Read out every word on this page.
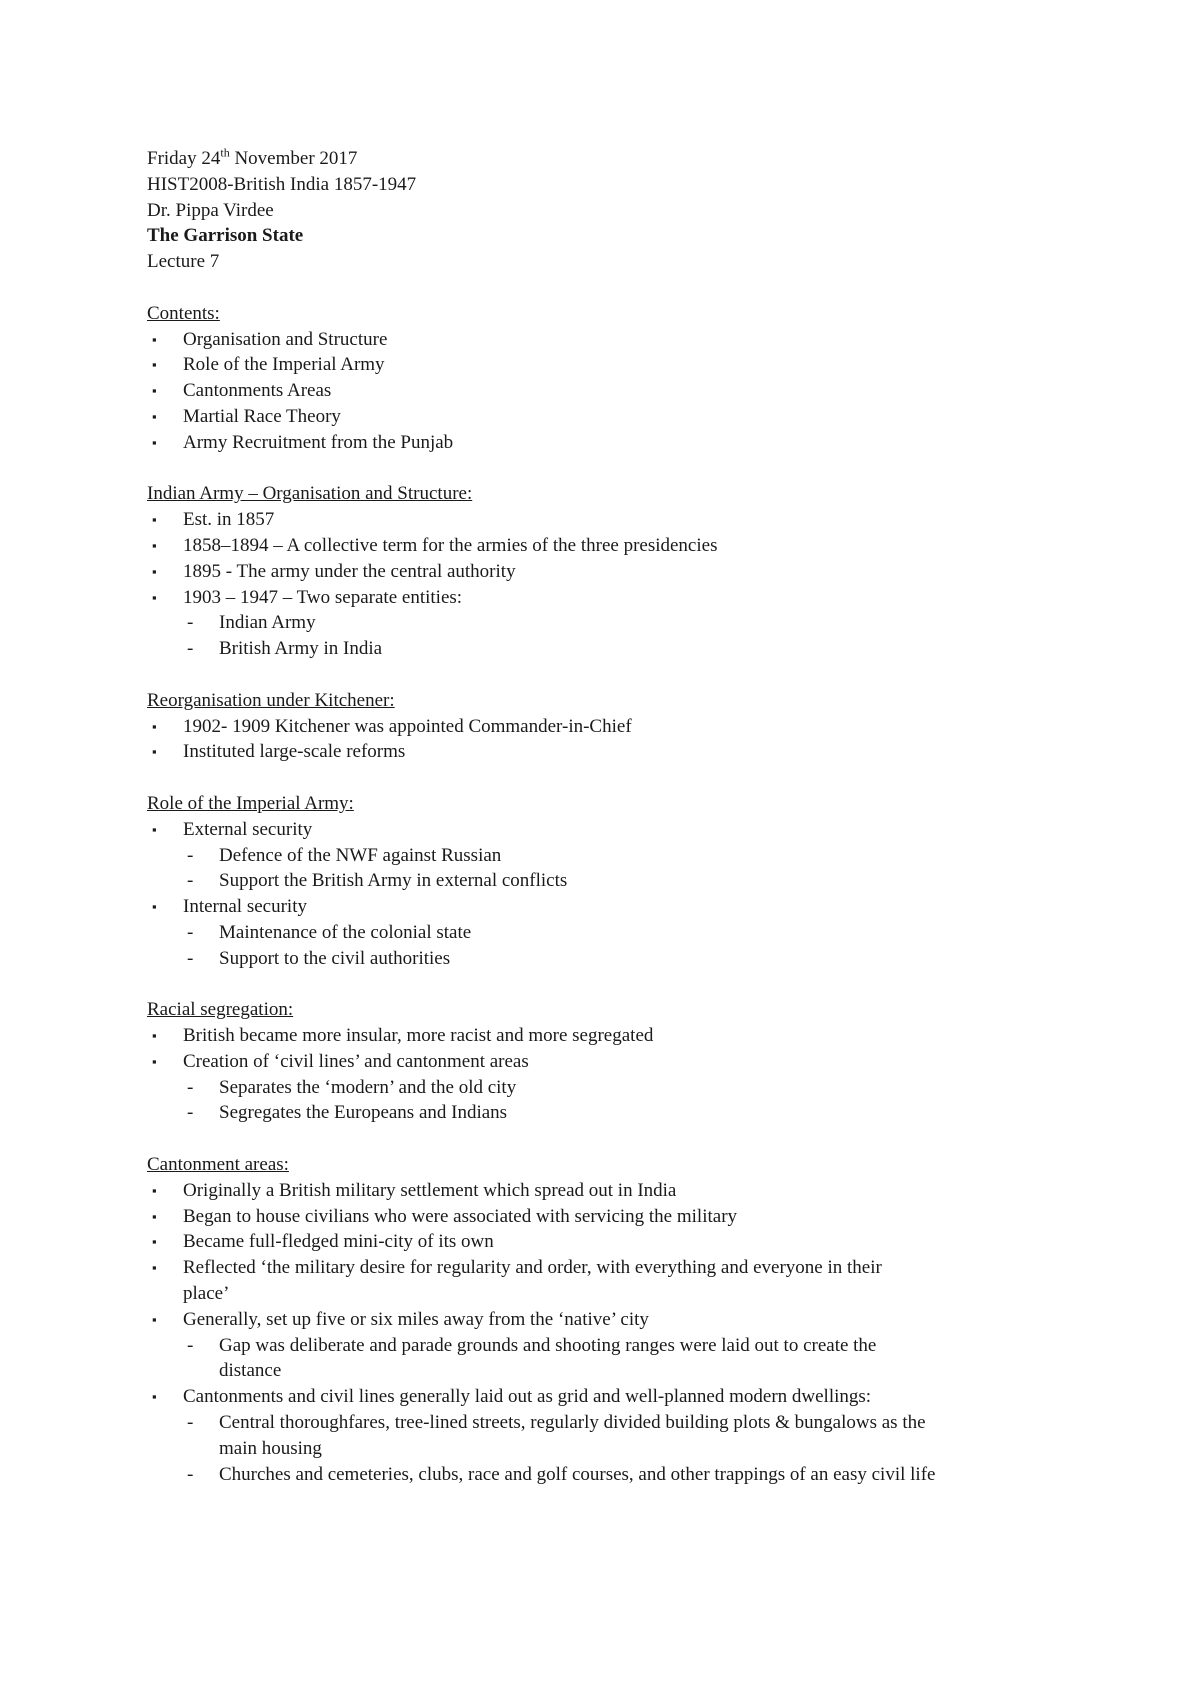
Friday 24th November 2017
HIST2008-British India 1857-1947
Dr. Pippa Virdee
The Garrison State
Lecture 7
Contents:
▪ Organisation and Structure
▪ Role of the Imperial Army
▪ Cantonments Areas
▪ Martial Race Theory
▪ Army Recruitment from the Punjab
Indian Army – Organisation and Structure:
▪ Est. in 1857
▪ 1858–1894 – A collective term for the armies of the three presidencies
▪ 1895 - The army under the central authority
▪ 1903 – 1947 – Two separate entities:
- Indian Army
- British Army in India
Reorganisation under Kitchener:
▪ 1902- 1909 Kitchener was appointed Commander-in-Chief
▪ Instituted large-scale reforms
Role of the Imperial Army:
▪ External security
- Defence of the NWF against Russian
- Support the British Army in external conflicts
▪ Internal security
- Maintenance of the colonial state
- Support to the civil authorities
Racial segregation:
▪ British became more insular, more racist and more segregated
▪ Creation of ‘civil lines’ and cantonment areas
- Separates the ‘modern’ and the old city
- Segregates the Europeans and Indians
Cantonment areas:
▪ Originally a British military settlement which spread out in India
▪ Began to house civilians who were associated with servicing the military
▪ Became full-fledged mini-city of its own
▪ Reflected ‘the military desire for regularity and order, with everything and everyone in their
place’
▪ Generally, set up five or six miles away from the ‘native’ city
- Gap was deliberate and parade grounds and shooting ranges were laid out to create the
distance
▪ Cantonments and civil lines generally laid out as grid and well-planned modern dwellings:
- Central thoroughfares, tree-lined streets, regularly divided building plots & bungalows as the
main housing
- Churches and cemeteries, clubs, race and golf courses, and other trappings of an easy civil life
